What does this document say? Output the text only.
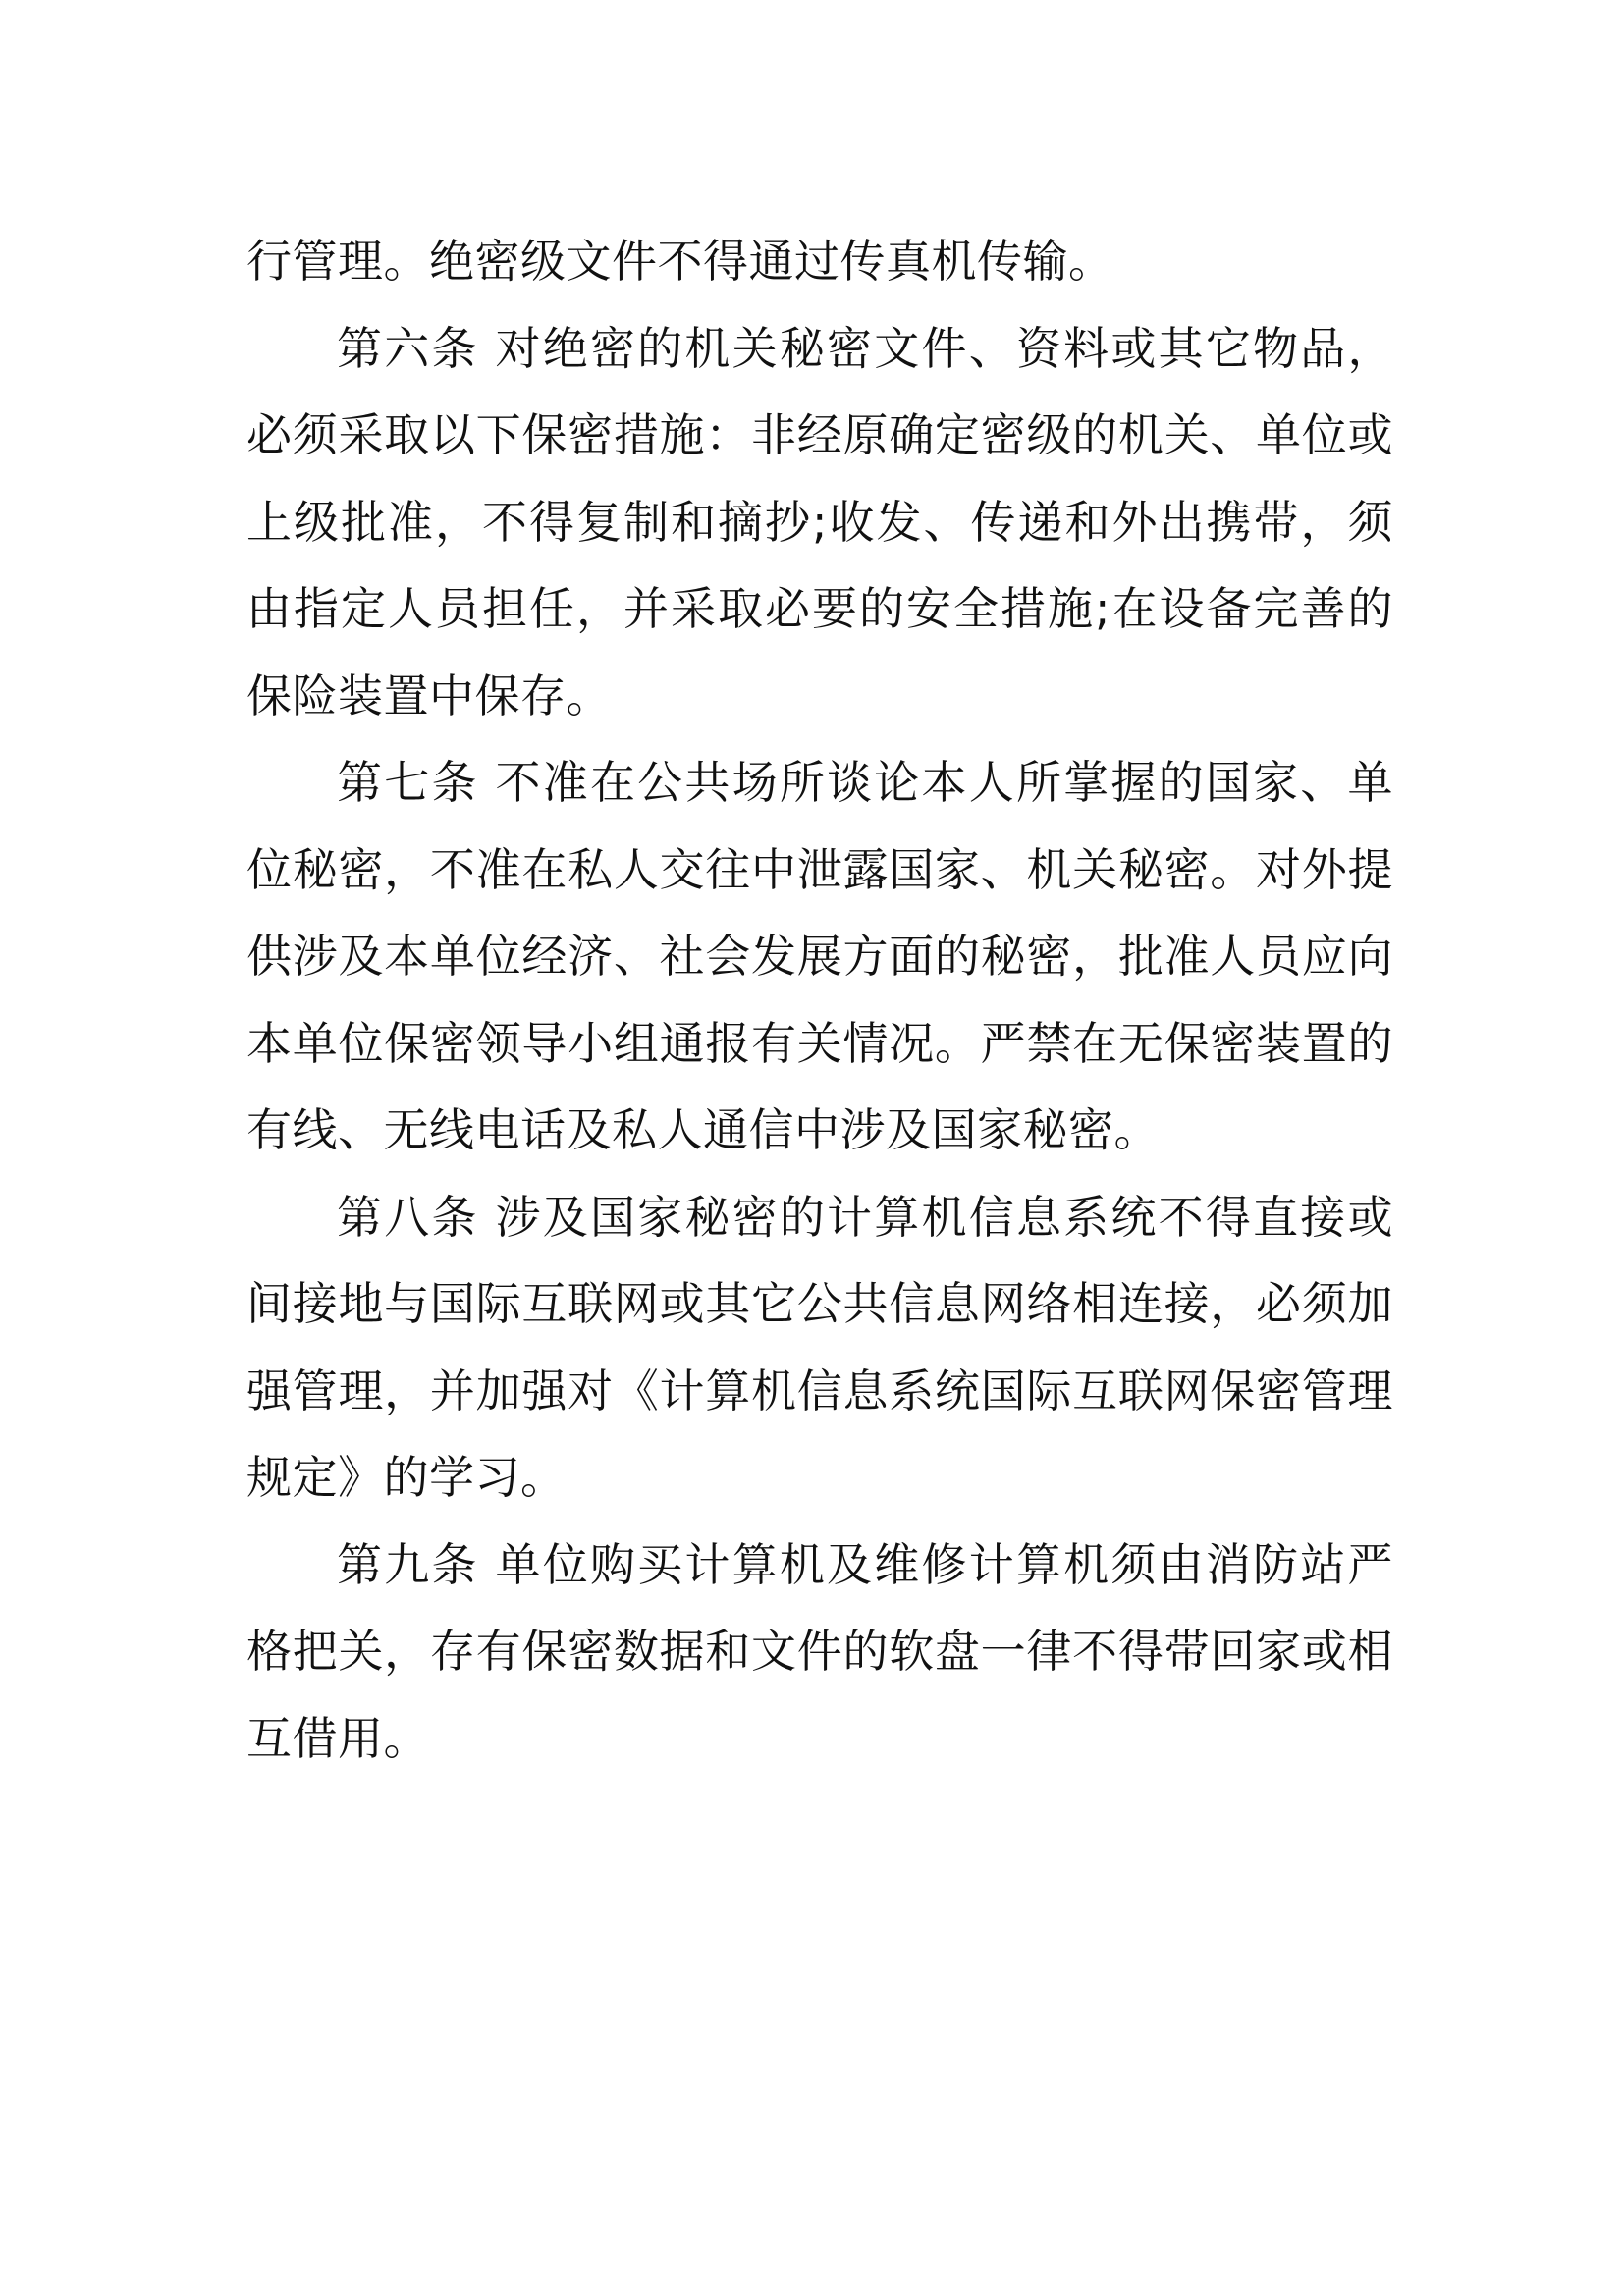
行管理。绝密级文件不得通过传真机传输。

第六条 对绝密的机关秘密文件、资料或其它物品，必须采取以下保密措施：非经原确定密级的机关、单位或上级批准，不得复制和摘抄;收发、传递和外出携带，须由指定人员担任，并采取必要的安全措施;在设备完善的保险装置中保存。

第七条 不准在公共场所谈论本人所掌握的国家、单位秘密，不准在私人交往中泄露国家、机关秘密。对外提供涉及本单位经济、社会发展方面的秘密，批准人员应向本单位保密领导小组通报有关情况。严禁在无保密装置的有线、无线电话及私人通信中涉及国家秘密。

第八条 涉及国家秘密的计算机信息系统不得直接或间接地与国际互联网或其它公共信息网络相连接，必须加强管理，并加强对《计算机信息系统国际互联网保密管理规定》的学习。

第九条 单位购买计算机及维修计算机须由消防站严格把关，存有保密数据和文件的软盘一律不得带回家或相互借用。
